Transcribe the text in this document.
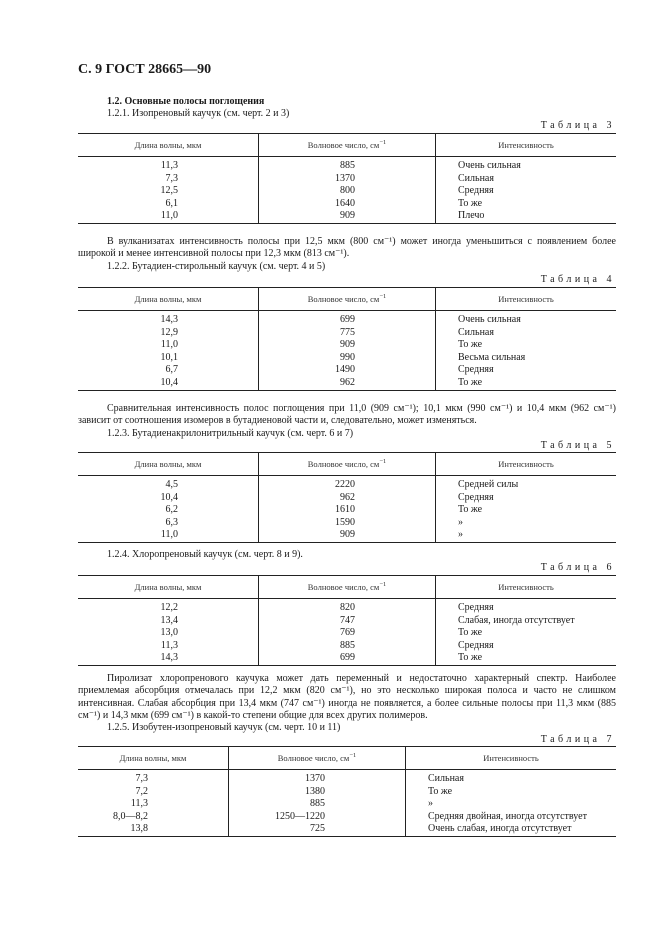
С. 9 ГОСТ 28665—90
1.2. Основные полосы поглощения
1.2.1. Изопреновый каучук (см. черт. 2 и 3)
Таблица 3
Длина волны, мкм	Волновое число, $см^{-1}$	Интенсивность
11,3	885	Очень сильная
7,3	1370	Сильная
12,5	800	Средняя
6,1	1640	То же
11,0	909	Плечо
В вулканизатах интенсивность полосы при 12,5 мкм (800 см⁻¹) может иногда уменьшиться с появлением более широкой и менее интенсивной полосы при 12,3 мкм (813 см⁻¹).
1.2.2. Бутадиен-стирольный каучук (см. черт. 4 и 5)
Таблица 4
Длина волны, мкм	Волновое число, $см^{-1}$	Интенсивность
14,3	699	Очень сильная
12,9	775	Сильная
11,0	909	То же
10,1	990	Весьма сильная
6,7	1490	Средняя
10,4	962	То же
Сравнительная интенсивность полос поглощения при 11,0 (909 см⁻¹); 10,1 мкм (990 см⁻¹) и 10,4 мкм (962 см⁻¹) зависит от соотношения изомеров в бутадиеновой части и, следовательно, может изменяться.
1.2.3. Бутадиенакрилонитрильный каучук (см. черт. 6 и 7)
Таблица 5
Длина волны, мкм	Волновое число, $см^{-1}$	Интенсивность
4,5	2220	Средней силы
10,4	962	Средняя
6,2	1610	То же
6,3	1590	»
11,0	909	»
1.2.4. Хлоропреновый каучук (см. черт. 8 и 9).
Таблица 6
Длина волны, мкм	Волновое число, $см^{-1}$	Интенсивность
12,2	820	Средняя
13,4	747	Слабая, иногда отсутствует
13,0	769	То же
11,3	885	Средняя
14,3	699	То же
Пиролизат хлоропренового каучука может дать переменный и недостаточно характерный спектр. Наиболее приемлемая абсорбция отмечалась при 12,2 мкм (820 см⁻¹), но это несколько широкая полоса и часто не слишком интенсивная. Слабая абсорбция при 13,4 мкм (747 см⁻¹) иногда не появляется, а более сильные полосы при 11,3 мкм (885 см⁻¹) и 14,3 мкм (699 см⁻¹) в какой-то степени общие для всех других полимеров.
1.2.5. Изобутен-изопреновый каучук (см. черт. 10 и 11)
Таблица 7
Длина волны, мкм	Волновое число, $см^{-1}$	Интенсивность
7,3	1370	Сильная
7,2	1380	То же
11,3	885	»
8,0—8,2	1250—1220	Средняя двойная, иногда отсутствует
13,8	725	Очень слабая, иногда отсутствует
